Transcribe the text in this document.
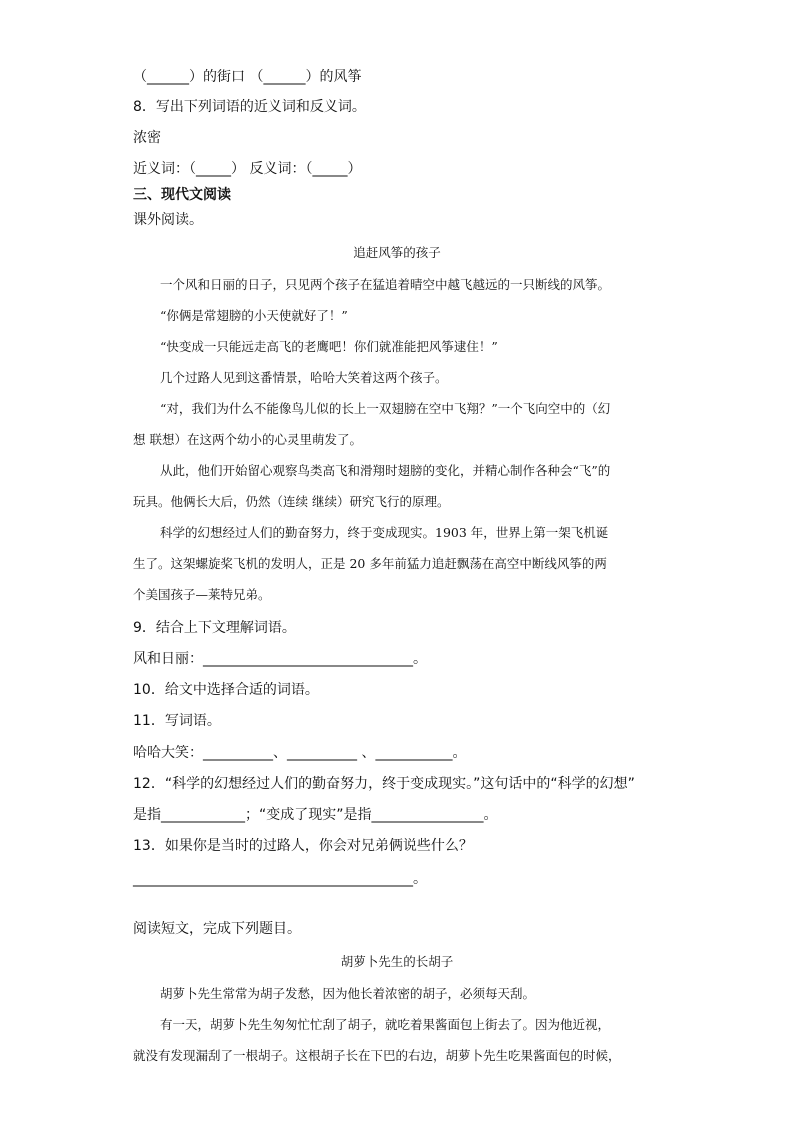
（______）的街口 （______）的风筝
8．写出下列词语的近义词和反义词。
浓密
近义词：（_____） 反义词：（_____）
三、现代文阅读
课外阅读。
追赶风筝的孩子
一个风和日丽的日子，只见两个孩子在猛追着晴空中越飞越远的一只断线的风筝。
“你俩是常翅膀的小天使就好了！”
“快变成一只能远走高飞的老鹰吧！你们就准能把风筝逮住！”
几个过路人见到这番情景，哈哈大笑着这两个孩子。
“对，我们为什么不能像鸟儿似的长上一双翅膀在空中飞翔？”一个飞向空中的（幻
想 联想）在这两个幼小的心灵里萌发了。
从此，他们开始留心观察鸟类高飞和滑翔时翅膀的变化，并精心制作各种会“飞”的
玩具。他俩长大后，仍然（连续 继续）研究飞行的原理。
科学的幻想经过人们的勤奋努力，终于变成现实。1903 年，世界上第一架飞机诞
生了。这架螺旋桨飞机的发明人，正是 20 多年前猛力追赶飘荡在高空中断线风筝的两
个美国孩子—莱特兄弟。
9．结合上下文理解词语。
风和日丽：______________________________。
10．给文中选择合适的词语。
11．写词语。
哈哈大笑：__________、__________ 、___________。
12．“科学的幻想经过人们的勤奋努力，终于变成现实。”这句话中的“科学的幻想”
是指____________；“变成了现实”是指________________。
13．如果你是当时的过路人，你会对兄弟俩说些什么？
________________________________________。
阅读短文，完成下列题目。
胡萝卜先生的长胡子
胡萝卜先生常常为胡子发愁，因为他长着浓密的胡子，必须每天刮。
有一天，胡萝卜先生匆匆忙忙刮了胡子，就吃着果酱面包上街去了。因为他近视，
就没有发现漏刮了一根胡子。这根胡子长在下巴的右边，胡萝卜先生吃果酱面包的时候，
